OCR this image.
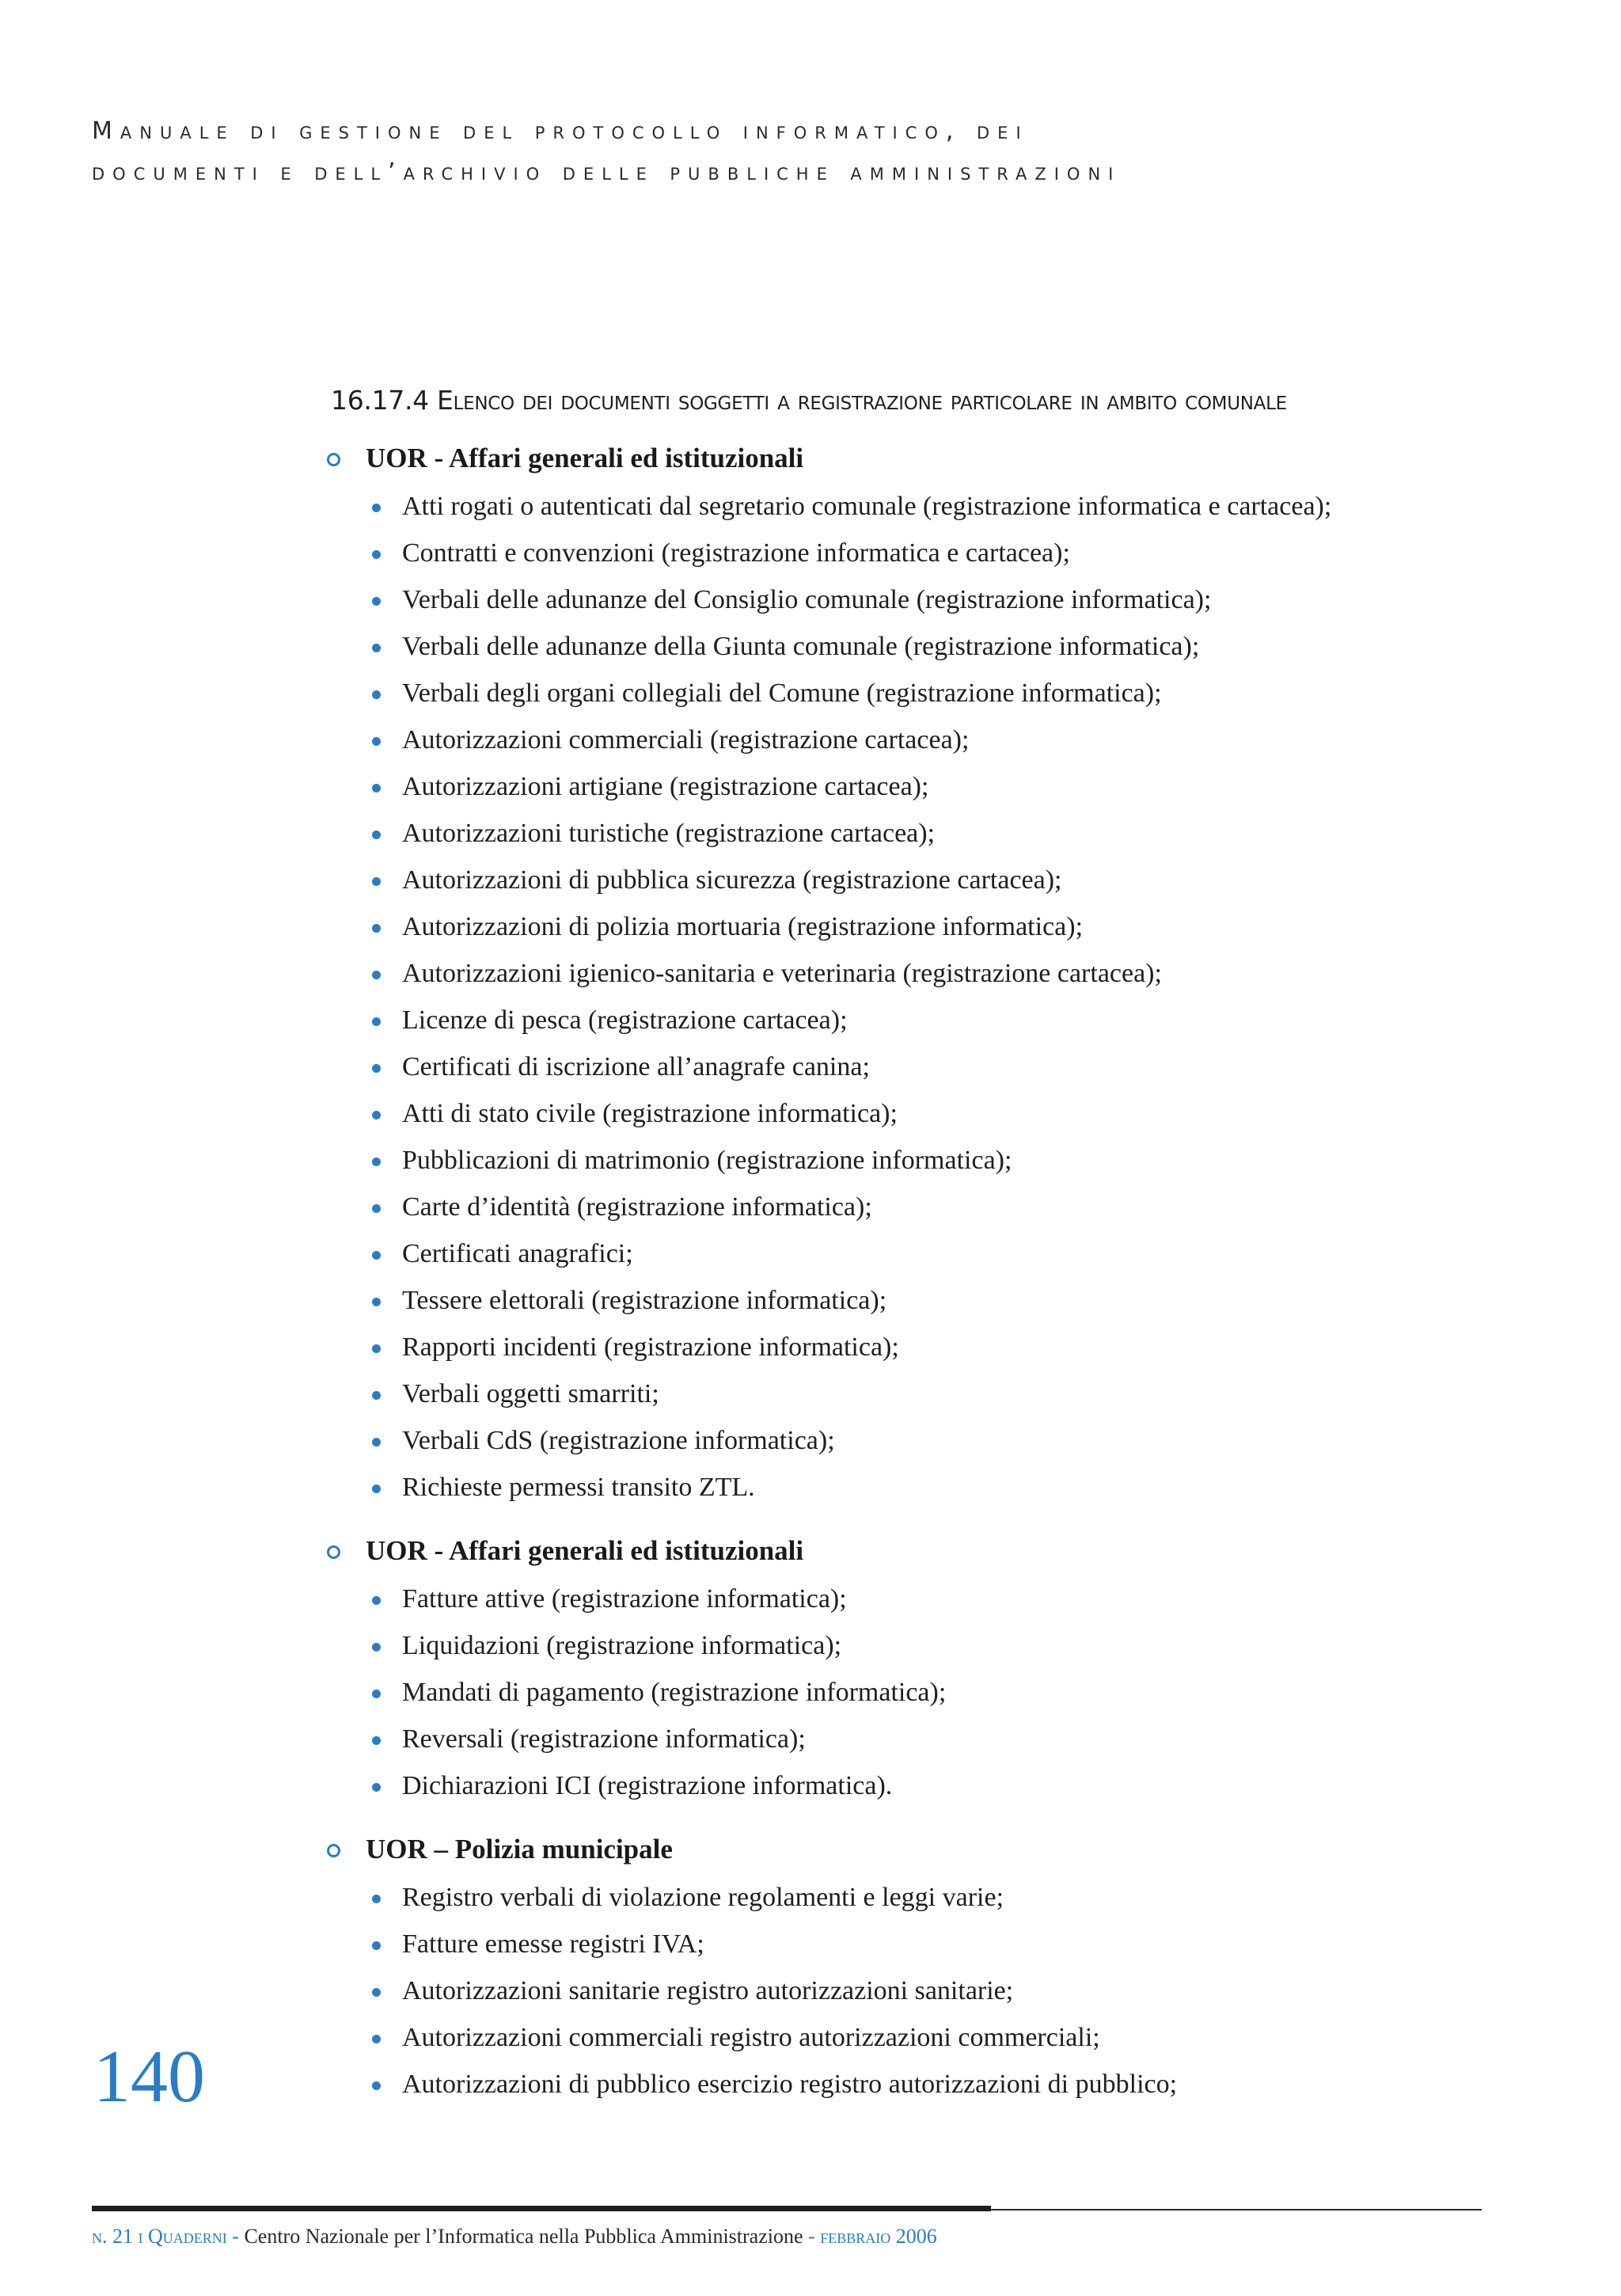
Manuale di gestione del protocollo informatico, dei
documenti e dell’archivio delle pubbliche amministrazioni
16.17.4 Elenco dei documenti soggetti a registrazione particolare in ambito comunale
UOR - Affari generali ed istituzionali
Atti rogati o autenticati dal segretario comunale (registrazione informatica e cartacea);
Contratti e convenzioni (registrazione informatica e cartacea);
Verbali delle adunanze del Consiglio comunale (registrazione informatica);
Verbali delle adunanze della Giunta comunale (registrazione informatica);
Verbali degli organi collegiali del Comune (registrazione informatica);
Autorizzazioni commerciali (registrazione cartacea);
Autorizzazioni artigiane (registrazione cartacea);
Autorizzazioni turistiche (registrazione cartacea);
Autorizzazioni di pubblica sicurezza (registrazione cartacea);
Autorizzazioni di polizia mortuaria (registrazione informatica);
Autorizzazioni igienico-sanitaria e veterinaria (registrazione cartacea);
Licenze di pesca (registrazione cartacea);
Certificati di iscrizione all’anagrafe canina;
Atti di stato civile (registrazione informatica);
Pubblicazioni di matrimonio (registrazione informatica);
Carte d’identità (registrazione informatica);
Certificati anagrafici;
Tessere elettorali (registrazione informatica);
Rapporti incidenti (registrazione informatica);
Verbali oggetti smarriti;
Verbali CdS (registrazione informatica);
Richieste permessi transito ZTL.
UOR - Affari generali ed istituzionali
Fatture attive (registrazione informatica);
Liquidazioni (registrazione informatica);
Mandati di pagamento (registrazione informatica);
Reversali (registrazione informatica);
Dichiarazioni ICI (registrazione informatica).
UOR – Polizia municipale
Registro verbali di violazione regolamenti e leggi varie;
Fatture emesse registri IVA;
Autorizzazioni sanitarie registro autorizzazioni sanitarie;
Autorizzazioni commerciali registro autorizzazioni commerciali;
Autorizzazioni di pubblico esercizio registro autorizzazioni di pubblico;
140
n. 21 i Quaderni - Centro Nazionale per l’Informatica nella Pubblica Amministrazione - febbraio 2006
